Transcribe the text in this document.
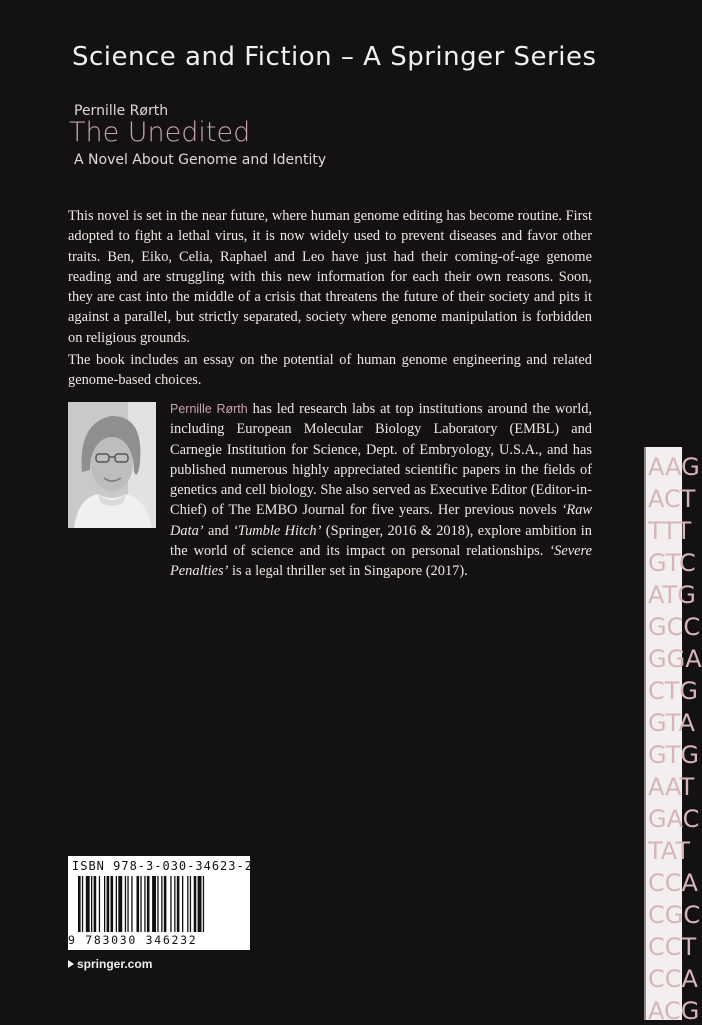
Science and Fiction – A Springer Series
Pernille Rørth
The Unedited
A Novel About Genome and Identity

This novel is set in the near future, where human genome editing has become routine. First adopted to fight a lethal virus, it is now widely used to prevent diseases and favor other traits. Ben, Eiko, Celia, Raphael and Leo have just had their coming-of-age genome reading and are struggling with this new information for each their own reasons. Soon, they are cast into the middle of a crisis that threatens the future of their society and pits it against a parallel, but strictly separated, society where genome manipulation is forbidden on religious grounds.

The book includes an essay on the potential of human genome engineering and related genome-based choices.

Pernille Rørth has led research labs at top institutions around the world, including European Molecular Biology Laboratory (EMBL) and Carnegie Institution for Science, Dept. of Embryology, U.S.A., and has published numerous highly appreciated scientific papers in the fields of genetics and cell biology. She also served as Executive Editor (Editor-in-Chief) of The EMBO Journal for five years. Her previous novels ‘Raw Data’ and ‘Tumble Hitch’ (Springer, 2016 & 2018), explore ambition in the world of science and its impact on personal relationships. ‘Severe Penalties’ is a legal thriller set in Singapore (2017).

AAG
ACT
TTT
GTC
ATG
GCC
GGA
CTG
GTA
GTG
AAT
GAC
TAT
CCA
CGC
CCT
CCA
ACG
ISBN 978-3-030-34623-2
9 783030 346232
springer.com
